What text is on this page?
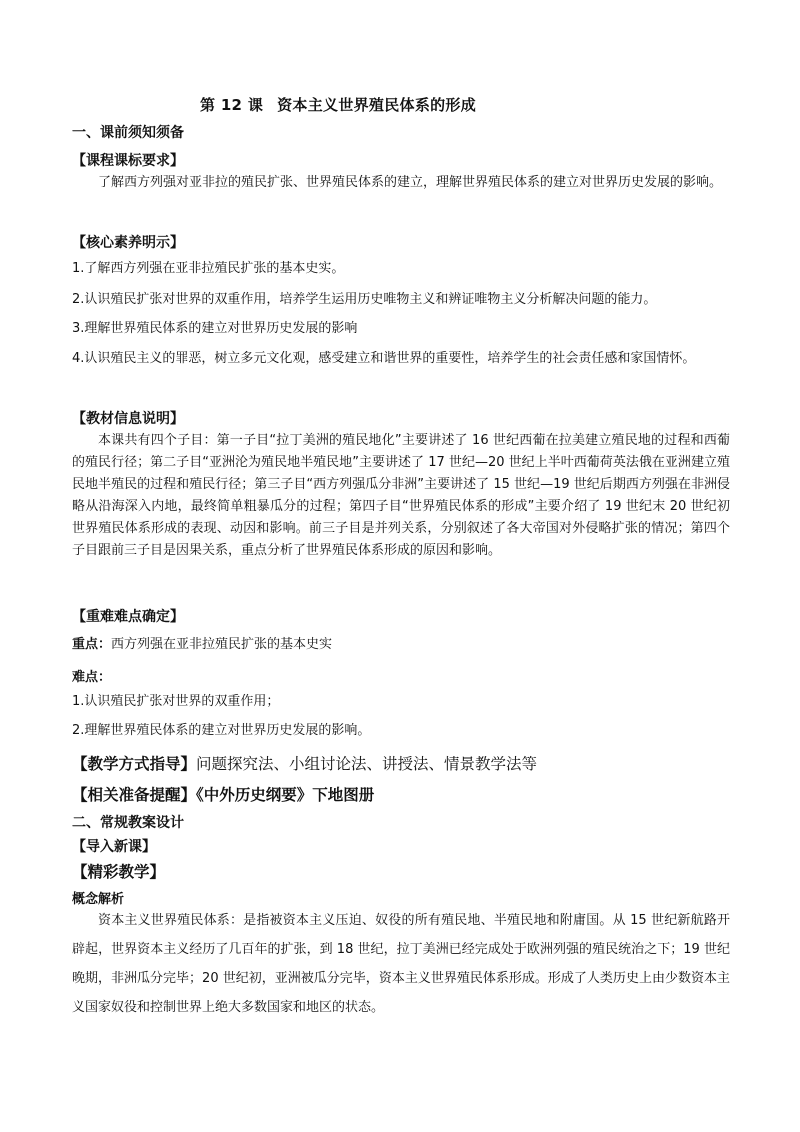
第 12 课 资本主义世界殖民体系的形成
一、课前须知须备
【课程课标要求】

了解西方列强对亚非拉的殖民扩张、世界殖民体系的建立，理解世界殖民体系的建立对世界历史发展的影响。

【核心素养明示】

1.了解西方列强在亚非拉殖民扩张的基本史实。

2.认识殖民扩张对世界的双重作用，培养学生运用历史唯物主义和辨证唯物主义分析解决问题的能力。

3.理解世界殖民体系的建立对世界历史发展的影响

4.认识殖民主义的罪恶，树立多元文化观，感受建立和谐世界的重要性，培养学生的社会责任感和家国情怀。

【教材信息说明】

本课共有四个子目：第一子目“拉丁美洲的殖民地化”主要讲述了 16 世纪西葡在拉美建立殖民地的过程和西葡的殖民行径；第二子目“亚洲沦为殖民地半殖民地”主要讲述了 17 世纪—20 世纪上半叶西葡荷英法俄在亚洲建立殖民地半殖民的过程和殖民行径；第三子目“西方列强瓜分非洲”主要讲述了 15 世纪—19 世纪后期西方列强在非洲侵略从沿海深入内地，最终简单粗暴瓜分的过程；第四子目“世界殖民体系的形成”主要介绍了 19 世纪末 20 世纪初世界殖民体系形成的表现、动因和影响。前三子目是并列关系，分别叙述了各大帝国对外侵略扩张的情况；第四个子目跟前三子目是因果关系，重点分析了世界殖民体系形成的原因和影响。

【重难难点确定】

重点：西方列强在亚非拉殖民扩张的基本史实

难点：

1.认识殖民扩张对世界的双重作用；

2.理解世界殖民体系的建立对世界历史发展的影响。

【教学方式指导】问题探究法、小组讨论法、讲授法、情景教学法等
【相关准备提醒】《中外历史纲要》下地图册
二、常规教案设计
【导入新课】
【精彩教学】
概念解析

资本主义世界殖民体系：是指被资本主义压迫、奴役的所有殖民地、半殖民地和附庸国。从 15 世纪新航路开辟起，世界资本主义经历了几百年的扩张，到 18 世纪，拉丁美洲已经完成处于欧洲列强的殖民统治之下；19 世纪晚期，非洲瓜分完毕；20 世纪初，亚洲被瓜分完毕，资本主义世界殖民体系形成。形成了人类历史上由少数资本主义国家奴役和控制世界上绝大多数国家和地区的状态。
